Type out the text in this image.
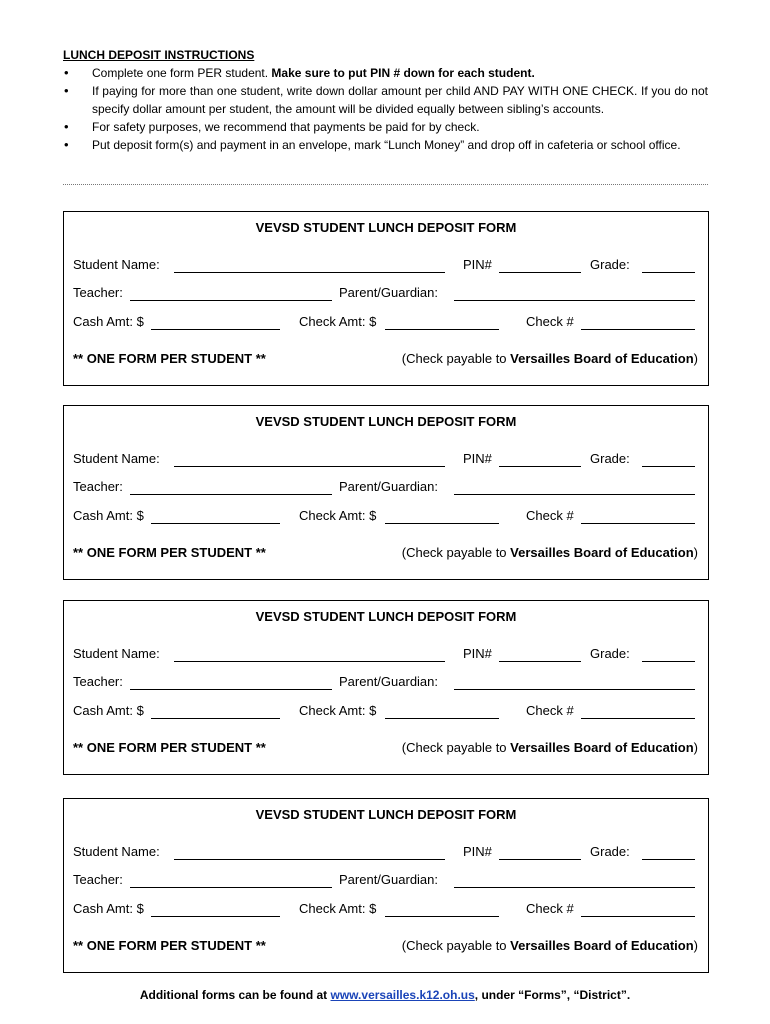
LUNCH DEPOSIT INSTRUCTIONS
• Complete one form PER student. Make sure to put PIN # down for each student.
• If paying for more than one student, write down dollar amount per child AND PAY WITH ONE CHECK. If you do not specify dollar amount per student, the amount will be divided equally between sibling’s accounts.
• For safety purposes, we recommend that payments be paid for by check.
• Put deposit form(s) and payment in an envelope, mark “Lunch Money” and drop off in cafeteria or school office.
VEVSD STUDENT LUNCH DEPOSIT FORM
Student Name:	PIN#	Grade:
Teacher:	Parent/Guardian:
Cash Amt: $	Check Amt: $	Check #
** ONE FORM PER STUDENT **	(Check payable to Versailles Board of Education)
VEVSD STUDENT LUNCH DEPOSIT FORM
Student Name:	PIN#	Grade:
Teacher:	Parent/Guardian:
Cash Amt: $	Check Amt: $	Check #
** ONE FORM PER STUDENT **	(Check payable to Versailles Board of Education)
VEVSD STUDENT LUNCH DEPOSIT FORM
Student Name:	PIN#	Grade:
Teacher:	Parent/Guardian:
Cash Amt: $	Check Amt: $	Check #
** ONE FORM PER STUDENT **	(Check payable to Versailles Board of Education)
VEVSD STUDENT LUNCH DEPOSIT FORM
Student Name:	PIN#	Grade:
Teacher:	Parent/Guardian:
Cash Amt: $	Check Amt: $	Check #
** ONE FORM PER STUDENT **	(Check payable to Versailles Board of Education)
Additional forms can be found at www.versailles.k12.oh.us, under “Forms”, “District”.
